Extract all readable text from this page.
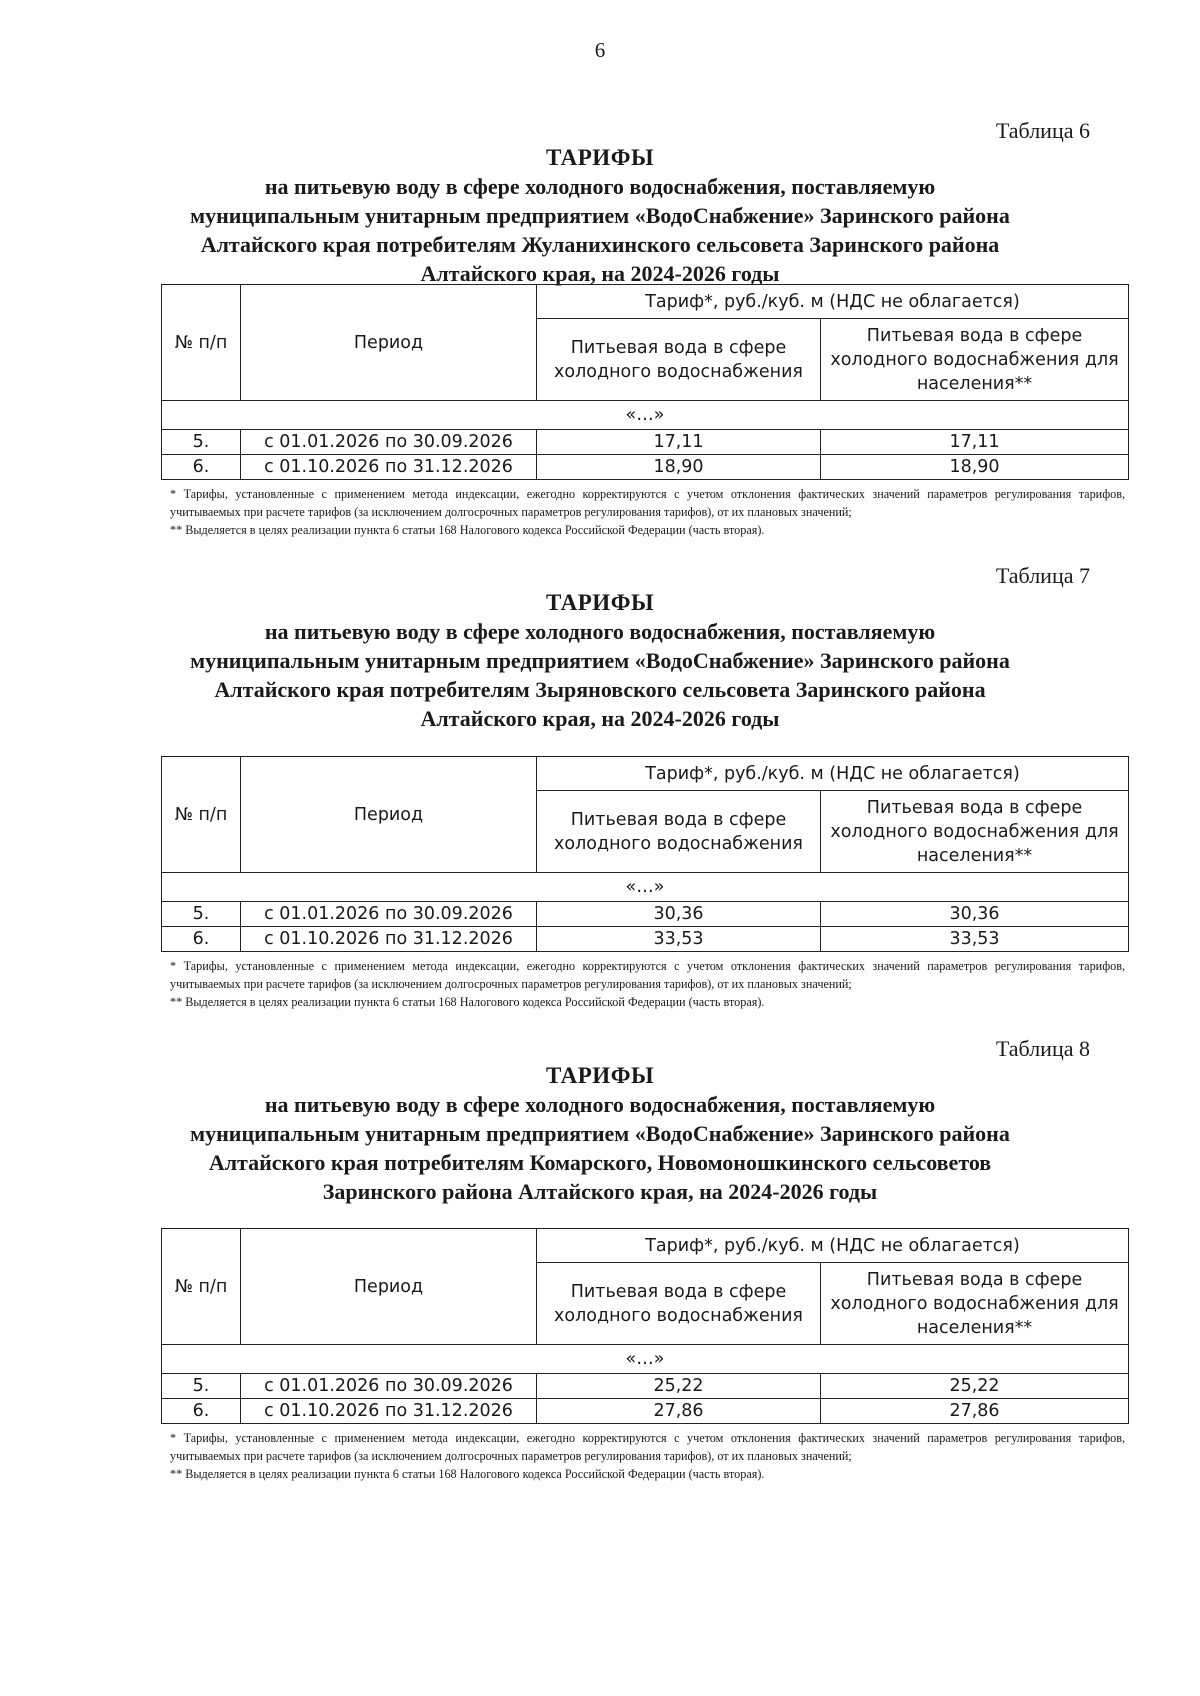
6
Таблица 6
ТАРИФЫ
на питьевую воду в сфере холодного водоснабжения, поставляемую
муниципальным унитарным предприятием «ВодоСнабжение» Заринского района
Алтайского края потребителям Жуланихинского сельсовета Заринского района
Алтайского края, на 2024-2026 годы
№ п/п	Период	Тариф*, руб./куб. м (НДС не облагается)	
		Питьевая вода в сфере холодного водоснабжения	Питьевая вода в сфере холодного водоснабжения для населения**
«…»			
5.	с 01.01.2026 по 30.09.2026	17,11	17,11
6.	с 01.10.2026 по 31.12.2026	18,90	18,90

* Тарифы, установленные с применением метода индексации, ежегодно корректируются с учетом отклонения фактических значений параметров регулирования тарифов, учитываемых при расчете тарифов (за исключением долгосрочных параметров регулирования тарифов), от их плановых значений;

** Выделяется в целях реализации пункта 6 статьи 168 Налогового кодекса Российской Федерации (часть вторая).

Таблица 7
ТАРИФЫ
на питьевую воду в сфере холодного водоснабжения, поставляемую
муниципальным унитарным предприятием «ВодоСнабжение» Заринского района
Алтайского края потребителям Зыряновского сельсовета Заринского района
Алтайского края, на 2024-2026 годы
№ п/п	Период	Тариф*, руб./куб. м (НДС не облагается)	
		Питьевая вода в сфере холодного водоснабжения	Питьевая вода в сфере холодного водоснабжения для населения**
«…»			
5.	с 01.01.2026 по 30.09.2026	30,36	30,36
6.	с 01.10.2026 по 31.12.2026	33,53	33,53

* Тарифы, установленные с применением метода индексации, ежегодно корректируются с учетом отклонения фактических значений параметров регулирования тарифов, учитываемых при расчете тарифов (за исключением долгосрочных параметров регулирования тарифов), от их плановых значений;

** Выделяется в целях реализации пункта 6 статьи 168 Налогового кодекса Российской Федерации (часть вторая).

Таблица 8
ТАРИФЫ
на питьевую воду в сфере холодного водоснабжения, поставляемую
муниципальным унитарным предприятием «ВодоСнабжение» Заринского района
Алтайского края потребителям Комарского, Новомоношкинского сельсоветов
Заринского района Алтайского края, на 2024-2026 годы
№ п/п	Период	Тариф*, руб./куб. м (НДС не облагается)	
		Питьевая вода в сфере холодного водоснабжения	Питьевая вода в сфере холодного водоснабжения для населения**
«…»			
5.	с 01.01.2026 по 30.09.2026	25,22	25,22
6.	с 01.10.2026 по 31.12.2026	27,86	27,86

* Тарифы, установленные с применением метода индексации, ежегодно корректируются с учетом отклонения фактических значений параметров регулирования тарифов, учитываемых при расчете тарифов (за исключением долгосрочных параметров регулирования тарифов), от их плановых значений;

** Выделяется в целях реализации пункта 6 статьи 168 Налогового кодекса Российской Федерации (часть вторая).
